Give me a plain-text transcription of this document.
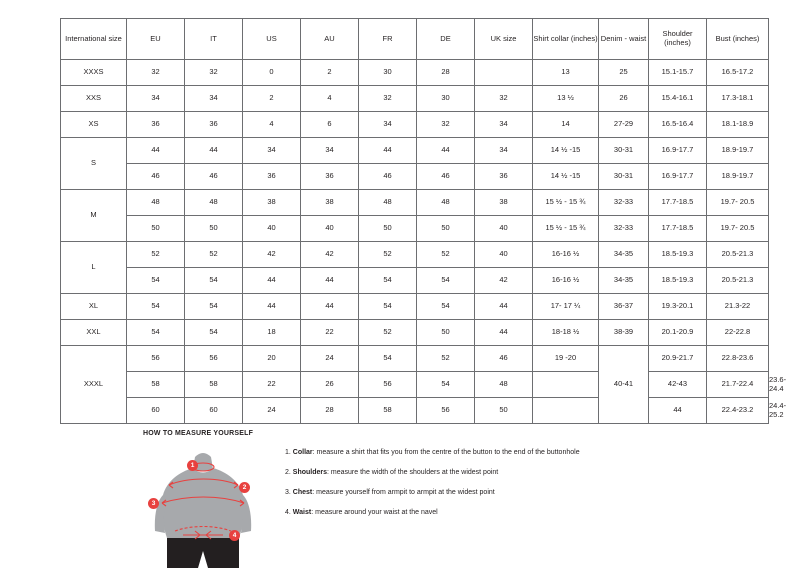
International size	EU	IT	US	AU	FR	DE	UK size	Shirt collar (inches)	Denim - waist	Shoulder (inches)	Bust (inches)	
XXXS	32	32	0	2	30	28		13	25	15.1-15.7	16.5-17.2	
XXS	34	34	2	4	32	30	32	13 ½	26	15.4-16.1	17.3-18.1	
XS	36	36	4	6	34	32	34	14	27-29	16.5-16.4	18.1-18.9	
S	44	44	34	34	44	44	34	14 ½ -15	30-31	16.9-17.7	18.9-19.7	
	46	46	36	36	46	46	36	14 ½ -15	30-31	16.9-17.7	18.9-19.7	
M	48	48	38	38	48	48	38	15 ½ - 15 ¾	32-33	17.7-18.5	19.7- 20.5	
	50	50	40	40	50	50	40	15 ½ - 15 ¾	32-33	17.7-18.5	19.7- 20.5	
L	52	52	42	42	52	52	40	16-16 ½	34-35	18.5-19.3	20.5-21.3	
	54	54	44	44	54	54	42	16-16 ½	34-35	18.5-19.3	20.5-21.3	
XL	54	54	44	44	54	54	44	17- 17 ¼	36-37	19.3-20.1	21.3-22	
XXL	54	54	18	22	52	50	44	18-18 ½	38-39	20.1-20.9	22-22.8	
XXXL	56	56	20	24	54	52	46	19 -20	40-41	20.9-21.7	22.8-23.6	
	58	58	22	26	56	54	48			42-43	21.7-22.4	23.6-24.4
	60	60	24	28	58	56	50			44	22.4-23.2	24.4-25.2
HOW TO MEASURE YOURSELF
1
2
3
4
1. Collar: measure a shirt that fits you from the centre of the button to the end of the buttonhole
2. Shoulders: measure the width of the shoulders at the widest point
3. Chest: measure yourself from armpit to armpit at the widest point
4. Waist: measure around your waist at the navel
